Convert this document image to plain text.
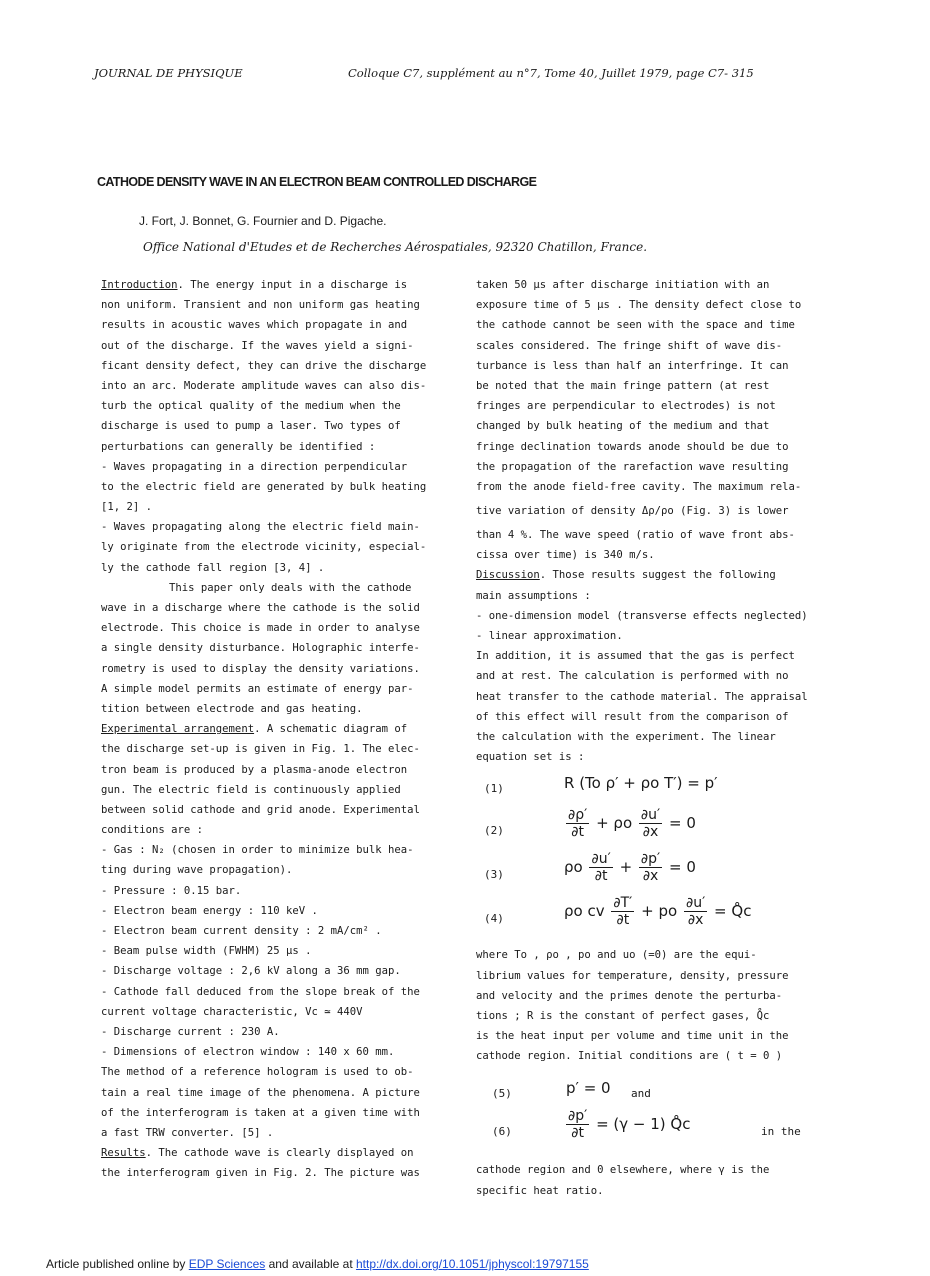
JOURNAL DE PHYSIQUE	Colloque C7, supplément au n°7, Tome 40, Juillet 1979, page C7- 315
CATHODE DENSITY WAVE IN AN ELECTRON BEAM CONTROLLED DISCHARGE
J. Fort, J. Bonnet, G. Fournier and D. Pigache.
Office National d'Etudes et de Recherches Aérospatiales, 92320 Chatillon, France.
Introduction. The energy input in a discharge is
non uniform. Transient and non uniform gas heating
results in acoustic waves which propagate in and
out of the discharge. If the waves yield a signi-
ficant density defect, they can drive the discharge
into an arc. Moderate amplitude waves can also dis-
turb the optical quality of the medium when the
discharge is used to pump a laser. Two types of
perturbations can generally be identified :
- Waves propagating in a direction perpendicular
to the electric field are generated by bulk heating
[1, 2] .
- Waves propagating along the electric field main-
ly originate from the electrode vicinity, especial-
ly the cathode fall region [3, 4] .
This paper only deals with the cathode
wave in a discharge where the cathode is the solid
electrode. This choice is made in order to analyse
a single density disturbance. Holographic interfe-
rometry is used to display the density variations.
A simple model permits an estimate of energy par-
tition between electrode and gas heating.
Experimental arrangement. A schematic diagram of
the discharge set-up is given in Fig. 1. The elec-
tron beam is produced by a plasma-anode electron
gun. The electric field is continuously applied
between solid cathode and grid anode. Experimental
conditions are :
- Gas : N₂ (chosen in order to minimize bulk hea-
ting during wave propagation).
- Pressure : 0.15 bar.
- Electron beam energy : 110 keV .
- Electron beam current density : 2 mA/cm² .
- Beam pulse width (FWHM) 25 µs .
- Discharge voltage : 2,6 kV along a 36 mm gap.
- Cathode fall deduced from the slope break of the
current voltage characteristic, Vc ≃ 440V
- Discharge current : 230 A.
- Dimensions of electron window : 140 x 60 mm.
The method of a reference hologram is used to ob-
tain a real time image of the phenomena. A picture
of the interferogram is taken at a given time with
a fast TRW converter. [5] .
Results. The cathode wave is clearly displayed on
the interferogram given in Fig. 2. The picture was
taken 50 µs after discharge initiation with an
exposure time of 5 µs . The density defect close to
the cathode cannot be seen with the space and time
scales considered. The fringe shift of wave dis-
turbance is less than half an interfringe. It can
be noted that the main fringe pattern (at rest
fringes are perpendicular to electrodes) is not
changed by bulk heating of the medium and that
fringe declination towards anode should be due to
the propagation of the rarefaction wave resulting
from the anode field-free cavity. The maximum rela-
tive variation of density Δρ/ρo (Fig. 3) is lower
than 4 %. The wave speed (ratio of wave front abs-
cissa over time) is 340 m/s.
Discussion. Those results suggest the following
main assumptions :
- one-dimension model (transverse effects neglected)
- linear approximation.
In addition, it is assumed that the gas is perfect
and at rest. The calculation is performed with no
heat transfer to the cathode material. The appraisal
of this effect will result from the comparison of
the calculation with the experiment. The linear
equation set is :
(1)	R (To ρ′ + ρo T′) = p′
(2)	$\frac{\partial\rho'}{\partial t} + \rho o \frac{\partial u'}{\partial x} = 0$
(3)	ρo $\frac{\partial u'}{\partial t} + \frac{\partial p'}{\partial x} = 0$
(4)	ρo cv $\frac{\partial T'}{\partial t}$ + po $\frac{\partial u'}{\partial x}$ = Q̊c
where To , ρo , po and uo (=0) are the equi-
librium values for temperature, density, pressure
and velocity and the primes denote the perturba-
tions ; R is the constant of perfect gases, Q̊c
is the heat input per volume and time unit in the
cathode region. Initial conditions are ( t = 0 )
(5)	p′ = 0 and
(6)	$\frac{\partial p'}{\partial t} = (\gamma - 1)$ Q̊c	in the
cathode region and 0 elsewhere, where γ is the
specific heat ratio.
Article published online by EDP Sciences and available at http://dx.doi.org/10.1051/jphyscol:19797155
